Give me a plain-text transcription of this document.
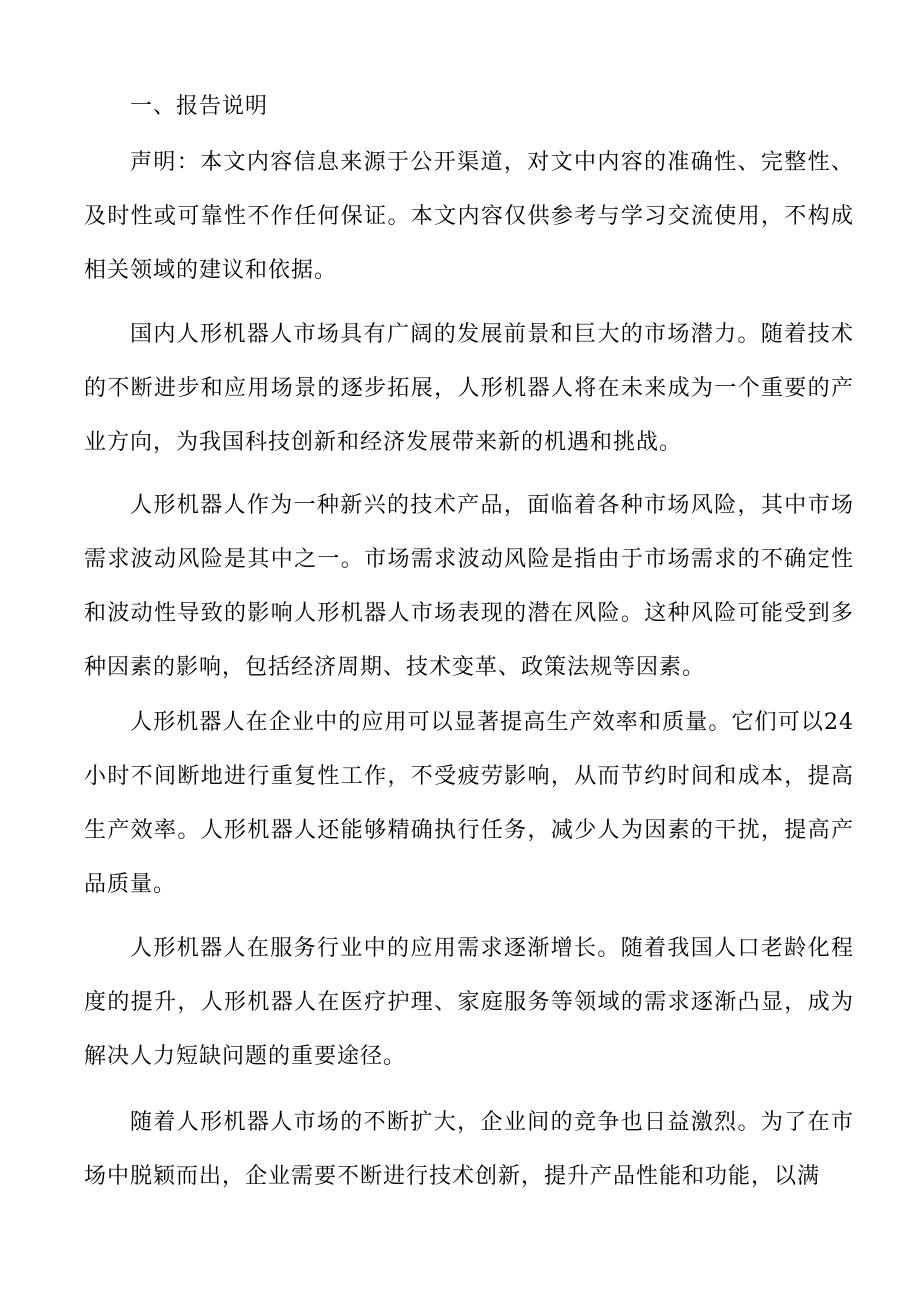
一、报告说明

声明：本文内容信息来源于公开渠道，对文中内容的准确性、完整性、及时性或可靠性不作任何保证。本文内容仅供参考与学习交流使用，不构成相关领域的建议和依据。

国内人形机器人市场具有广阔的发展前景和巨大的市场潜力。随着技术的不断进步和应用场景的逐步拓展，人形机器人将在未来成为一个重要的产业方向，为我国科技创新和经济发展带来新的机遇和挑战。

人形机器人作为一种新兴的技术产品，面临着各种市场风险，其中市场需求波动风险是其中之一。市场需求波动风险是指由于市场需求的不确定性和波动性导致的影响人形机器人市场表现的潜在风险。这种风险可能受到多种因素的影响，包括经济周期、技术变革、政策法规等因素。

人形机器人在企业中的应用可以显著提高生产效率和质量。它们可以24小时不间断地进行重复性工作，不受疲劳影响，从而节约时间和成本，提高生产效率。人形机器人还能够精确执行任务，减少人为因素的干扰，提高产品质量。

人形机器人在服务行业中的应用需求逐渐增长。随着我国人口老龄化程度的提升，人形机器人在医疗护理、家庭服务等领域的需求逐渐凸显，成为解决人力短缺问题的重要途径。

随着人形机器人市场的不断扩大，企业间的竞争也日益激烈。为了在市场中脱颖而出，企业需要不断进行技术创新，提升产品性能和功能，以满
